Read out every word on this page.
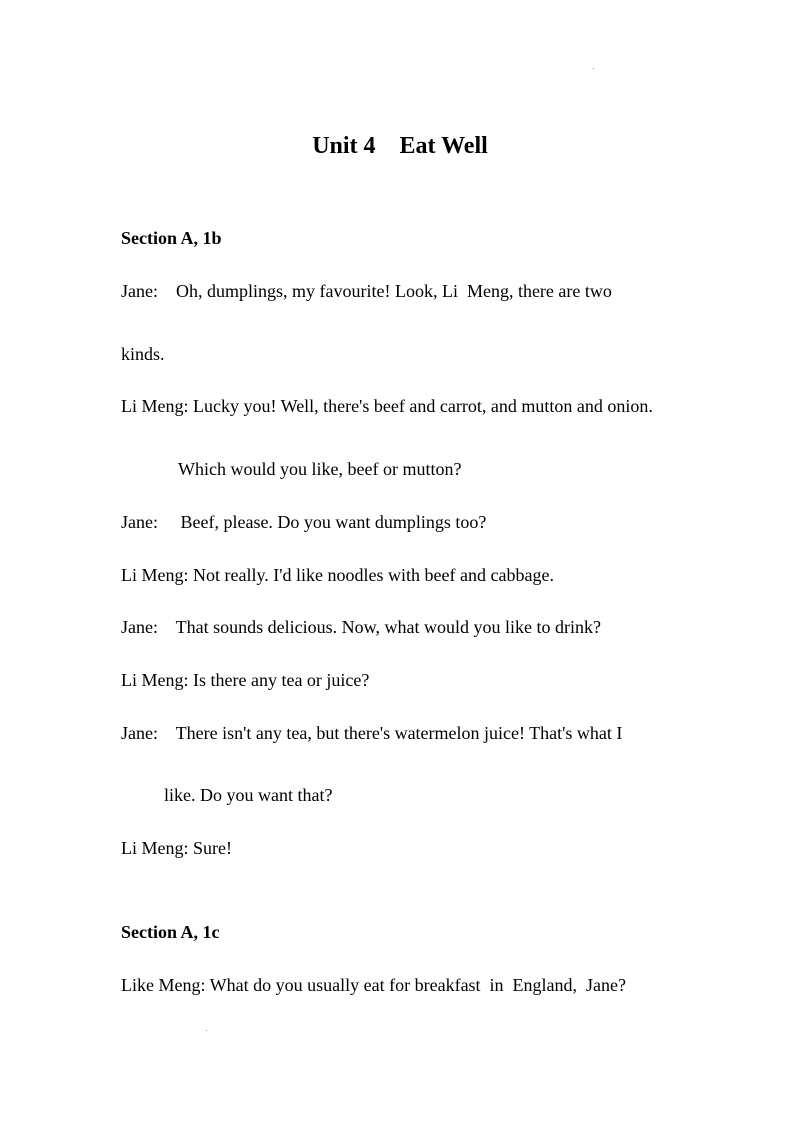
Unit 4    Eat Well
Section A, 1b

Jane:    Oh, dumplings, my favourite! Look, Li  Meng, there are two

kinds.

Li Meng: Lucky you! Well, there's beef and carrot, and mutton and onion.

Which would you like, beef or mutton?

Jane:     Beef, please. Do you want dumplings too?

Li Meng: Not really. I'd like noodles with beef and cabbage.

Jane:    That sounds delicious. Now, what would you like to drink?

Li Meng: Is there any tea or juice?

Jane:    There isn't any tea, but there's watermelon juice! That's what I

like. Do you want that?

Li Meng: Sure!

Section A, 1c

Like Meng: What do you usually eat for breakfast  in  England,  Jane?
